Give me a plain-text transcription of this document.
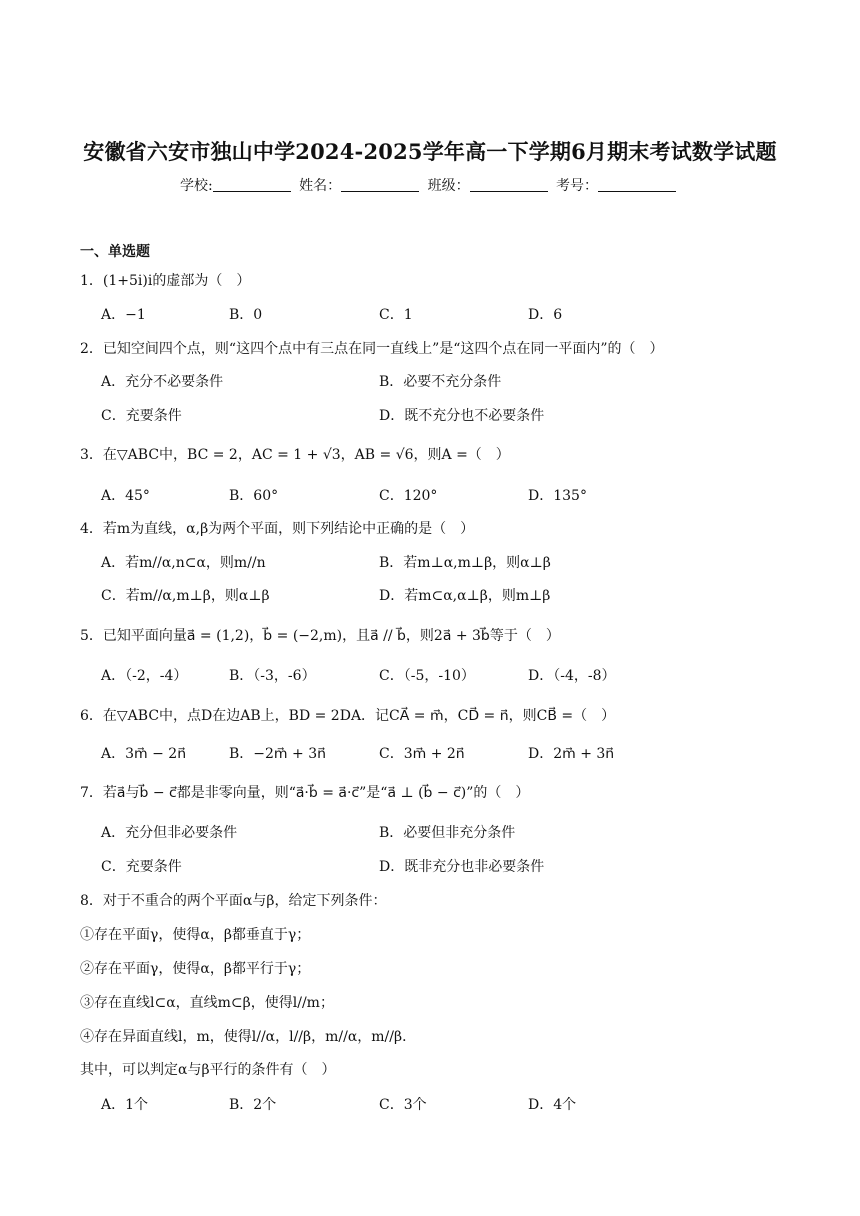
安徽省六安市独山中学2024-2025学年高一下学期6月期末考试数学试题
学校:	姓名：	班级：	考号：
一、单选题
1．(1+5i)i的虚部为（　）
A．−1	B．0	C．1	D．6
2．已知空间四个点，则“这四个点中有三点在同一直线上”是“这四个点在同一平面内”的（　）
A．充分不必要条件	B．必要不充分条件
C．充要条件	D．既不充分也不必要条件
3．在▽ABC中，BC = 2，AC = 1 + √3，AB = √6，则A =（　）
A．45°	B．60°	C．120°	D．135°
4．若m为直线，α,β为两个平面，则下列结论中正确的是（　）
A．若m//α,n⊂α，则m//n	B．若m⊥α,m⊥β，则α⊥β
C．若m//α,m⊥β，则α⊥β	D．若m⊂α,α⊥β，则m⊥β
5．已知平面向量a⃗ = (1,2)，b⃗ = (−2,m)，且a⃗ // b⃗，则2a⃗ + 3b⃗等于（　）
A．（-2，-4）	B．（-3，-6）	C．（-5，-10）	D．（-4，-8）
6．在▽ABC中，点D在边AB上，BD = 2DA．记CA⃗ = m⃗，CD⃗ = n⃗，则CB⃗ =（　）
A．3m⃗ − 2n⃗	B．−2m⃗ + 3n⃗	C．3m⃗ + 2n⃗	D．2m⃗ + 3n⃗
7．若a⃗与b⃗ − c⃗都是非零向量，则“a⃗·b⃗ = a⃗·c⃗”是“a⃗ ⊥ (b⃗ − c⃗)”的（　）
A．充分但非必要条件	B．必要但非充分条件
C．充要条件	D．既非充分也非必要条件
8．对于不重合的两个平面α与β，给定下列条件：
①存在平面γ，使得α，β都垂直于γ；
②存在平面γ，使得α，β都平行于γ；
③存在直线l⊂α，直线m⊂β，使得l//m；
④存在异面直线l，m，使得l//α，l//β，m//α，m//β．
其中，可以判定α与β平行的条件有（　）
A．1个	B．2个	C．3个	D．4个
